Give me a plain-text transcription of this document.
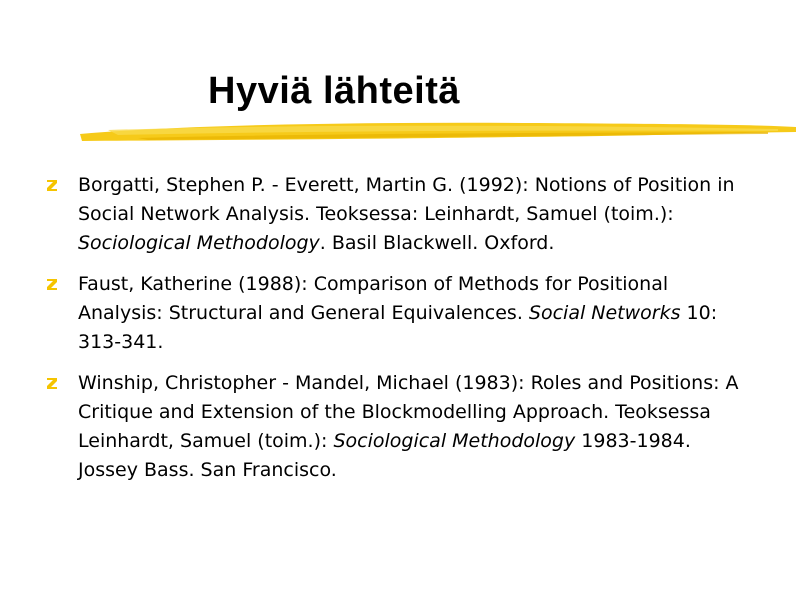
Hyviä lähteitä
Borgatti, Stephen P. - Everett, Martin G. (1992): Notions of Position in Social Network Analysis. Teoksessa: Leinhardt, Samuel (toim.): Sociological Methodology. Basil Blackwell. Oxford.
Faust, Katherine (1988): Comparison of Methods for Positional Analysis: Structural and General Equivalences. Social Networks 10: 313-341.
Winship, Christopher - Mandel, Michael (1983): Roles and Positions: A Critique and Extension of the Blockmodelling Approach. Teoksessa Leinhardt, Samuel (toim.): Sociological Methodology 1983-1984. Jossey Bass. San Francisco.
